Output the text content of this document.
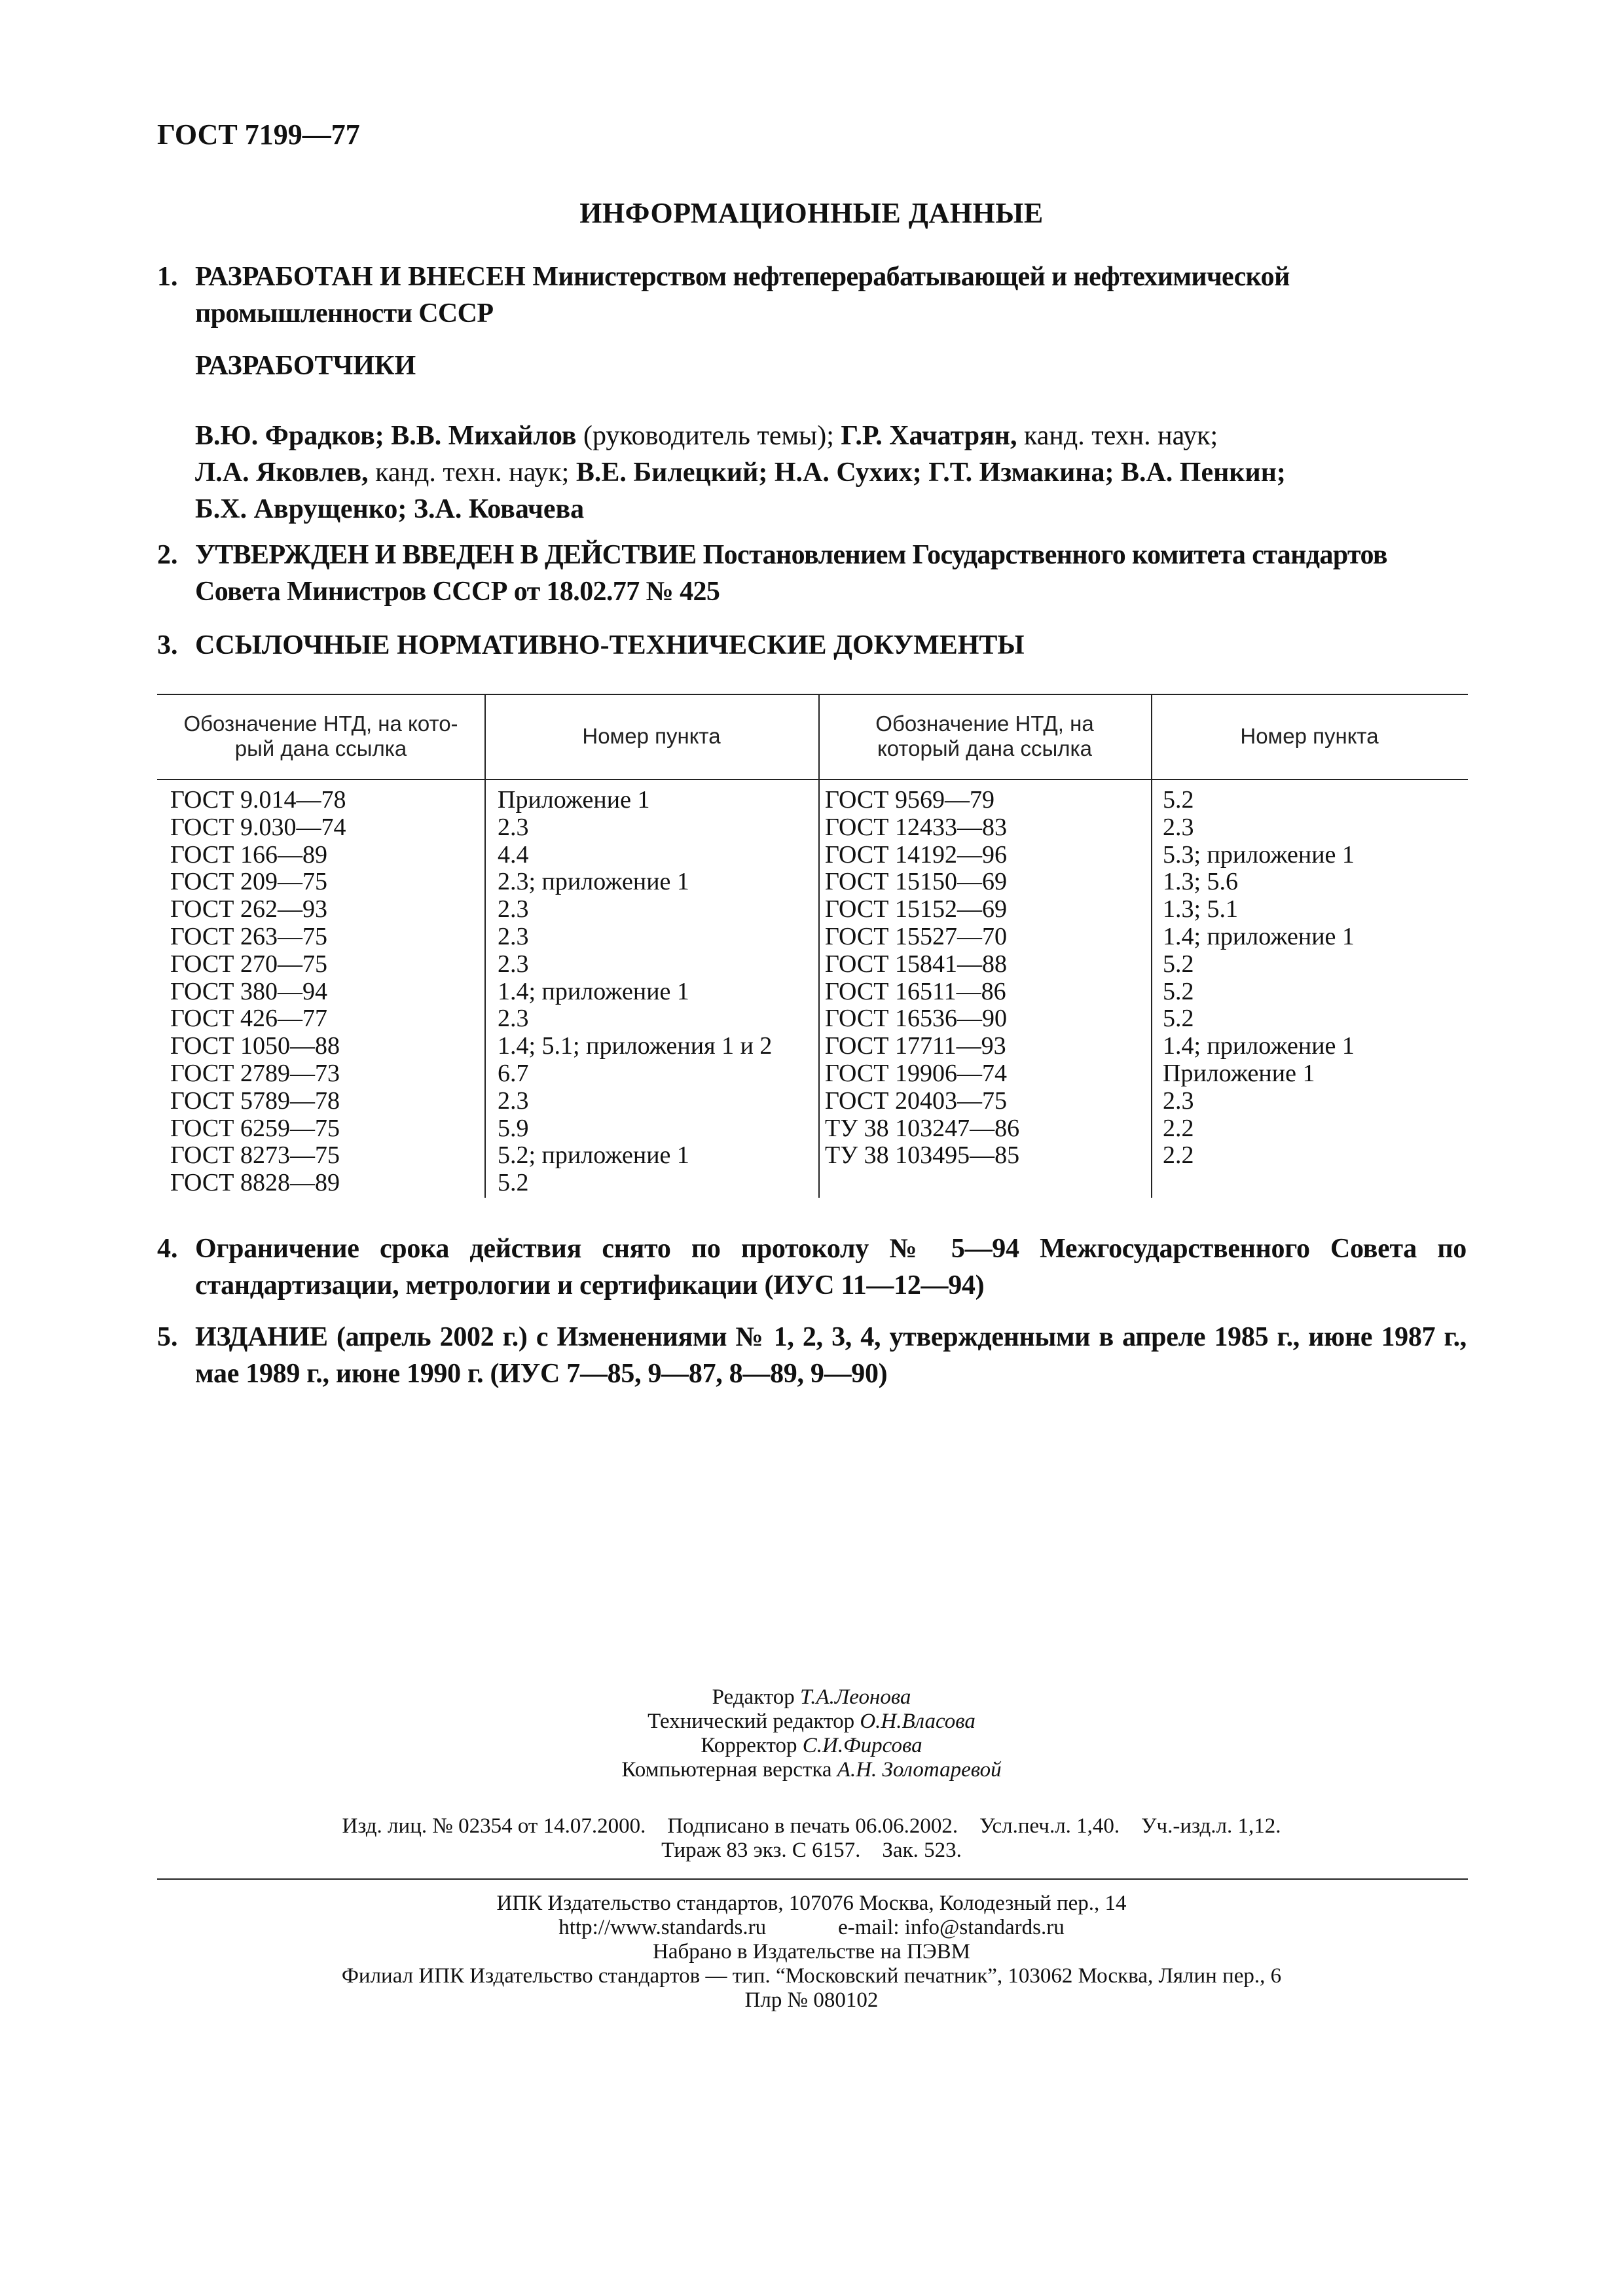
ГОСТ 7199—77
ИНФОРМАЦИОННЫЕ ДАННЫЕ
1. РАЗРАБОТАН И ВНЕСЕН Министерством нефтеперерабатывающей и нефтехимической промышленности СССР
РАЗРАБОТЧИКИ
В.Ю. Фрадков; В.В. Михайлов (руководитель темы); Г.Р. Хачатрян, канд. техн. наук;
Л.А. Яковлев, канд. техн. наук; В.Е. Билецкий; Н.А. Сухих; Г.Т. Измакина; В.А. Пенкин;
Б.Х. Аврущенко; З.А. Ковачева
2. УТВЕРЖДЕН И ВВЕДЕН В ДЕЙСТВИЕ Постановлением Государственного комитета стандартов Совета Министров СССР от 18.02.77 № 425
3. ССЫЛОЧНЫЕ НОРМАТИВНО-ТЕХНИЧЕСКИЕ ДОКУМЕНТЫ
Обозначение НТД, на кото-
рый дана ссылка
Номер пункта
Обозначение НТД, на
который дана ссылка
Номер пункта
ГОСТ 9.014—78
ГОСТ 9.030—74
ГОСТ 166—89
ГОСТ 209—75
ГОСТ 262—93
ГОСТ 263—75
ГОСТ 270—75
ГОСТ 380—94
ГОСТ 426—77
ГОСТ 1050—88
ГОСТ 2789—73
ГОСТ 5789—78
ГОСТ 6259—75
ГОСТ 8273—75
ГОСТ 8828—89
Приложение 1
2.3
4.4
2.3; приложение 1
2.3
2.3
2.3
1.4; приложение 1
2.3
1.4; 5.1; приложения 1 и 2
6.7
2.3
5.9
5.2; приложение 1
5.2
ГОСТ 9569—79
ГОСТ 12433—83
ГОСТ 14192—96
ГОСТ 15150—69
ГОСТ 15152—69
ГОСТ 15527—70
ГОСТ 15841—88
ГОСТ 16511—86
ГОСТ 16536—90
ГОСТ 17711—93
ГОСТ 19906—74
ГОСТ 20403—75
ТУ 38 103247—86
ТУ 38 103495—85
5.2
2.3
5.3; приложение 1
1.3; 5.6
1.3; 5.1
1.4; приложение 1
5.2
5.2
5.2
1.4; приложение 1
Приложение 1
2.3
2.2
2.2
4. Ограничение срока действия снято по протоколу № 5—94 Межгосударственного Совета по стандартизации, метрологии и сертификации (ИУС 11—12—94)
5. ИЗДАНИЕ (апрель 2002 г.) с Изменениями № 1, 2, 3, 4, утвержденными в апреле 1985 г., июне 1987 г., мае 1989 г., июне 1990 г. (ИУС 7—85, 9—87, 8—89, 9—90)
Редактор Т.А.Леонова
Технический редактор О.Н.Власова
Корректор С.И.Фирсова
Компьютерная верстка А.Н. Золотаревой
Изд. лиц. № 02354 от 14.07.2000.    Подписано в печать 06.06.2002.    Усл.печ.л. 1,40.    Уч.-изд.л. 1,12.
Тираж 83 экз. С 6157.    Зак. 523.
ИПК Издательство стандартов, 107076 Москва, Колодезный пер., 14
http://www.standards.ru	e-mail: info@standards.ru
Набрано в Издательстве на ПЭВМ
Филиал ИПК Издательство стандартов — тип. “Московский печатник”, 103062 Москва, Лялин пер., 6
Плр № 080102
